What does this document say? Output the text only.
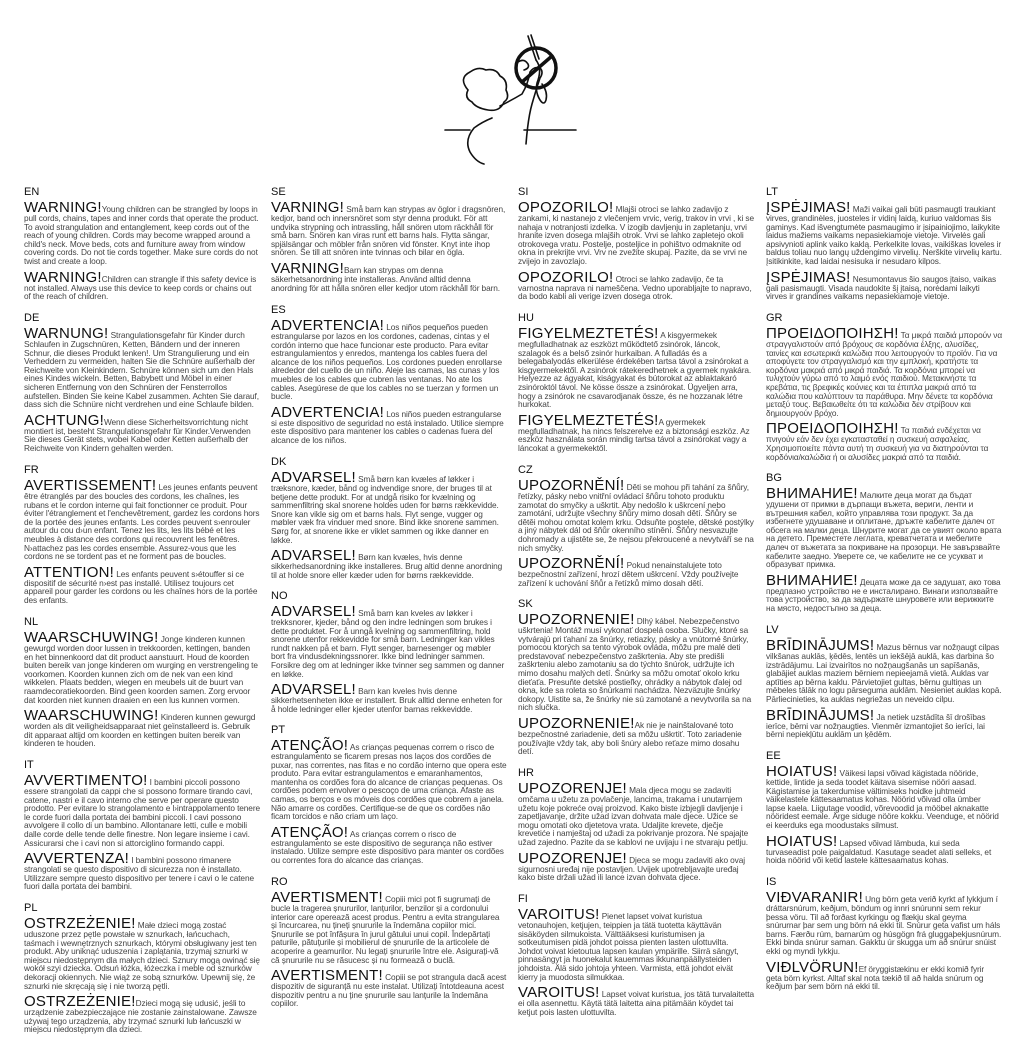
EN

WARNING!Young children can be strangled by loops in pull cords, chains, tapes and inner cords that operate the product. To avoid strangulation and entanglement, keep cords out of the reach of young children. Cords may become wrapped around a child's neck. Move beds, cots and furniture away from window covering cords. Do not tie cords together. Make sure cords do not twist and create a loop.

WARNING!Children can strangle if this safety device is not installed. Always use this device to keep cords or chains out of the reach of children.

DE

WARNUNG! Strangulationsgefahr für Kinder durch Schlaufen in Zugschnüren, Ketten, Bändern und der inneren Schnur, die dieses Produkt lenken!. Um Strangulierung und ein Verheddern zu vermeiden, halten Sie die Schnüre außerhalb der Reichweite von Kleinkindern. Schnüre können sich um den Hals eines Kindes wickeln. Betten, Babybett und Möbel in einer sicheren Entfernung von den Schnüren der Fensterrollos aufstellen. Binden Sie keine Kabel zusammen. Achten Sie darauf, dass sich die Schnüre nicht verdrehen und eine Schlaufe bilden.

ACHTUNG!Wenn diese Sicherheitsvorrichtung nicht montiert ist, besteht Strangulationsgefahr für Kinder.Verwenden Sie dieses Gerät stets, wobei Kabel oder Ketten außerhalb der Reichweite von Kindern gehalten werden.

FR

AVERTISSEMENT! Les jeunes enfants peuvent être étranglés par des boucles des cordons, les chaînes, les rubans et le cordon interne qui fait fonctionner ce produit. Pour éviter l'étranglement et l'enchevêtrement, gardez les cordons hors de la portée des jeunes enfants. Les cordes peuvent s›enrouler autour du cou d›un enfant. Tenez les lits, les lits bébé et les meubles à distance des cordons qui recouvrent les fenêtres. N›attachez pas les cordes ensemble. Assurez-vous que les cordons ne se tordent pas et ne forment pas de boucles.

ATTENTION! Les enfants peuvent s›étouffer si ce dispositif de sécurité n›est pas installé. Utilisez toujours cet appareil pour garder les cordons ou les chaînes hors de la portée des enfants.

NL

WAARSCHUWING! Jonge kinderen kunnen gewurgd worden door lussen in trekkoorden, kettingen, banden en het binnenkoord dat dit product aanstuurt. Houd de koorden buiten bereik van jonge kinderen om wurging en verstrengeling te voorkomen. Koorden kunnen zich om de nek van een kind wikkelen. Plaats bedden, wiegen en meubels uit de buurt van raamdecoratiekoorden. Bind geen koorden samen. Zorg ervoor dat koorden niet kunnen draaien en een lus kunnen vormen.

WAARSCHUWING! Kinderen kunnen gewurgd worden als dit veiligheidsapparaat niet geïnstalleerd is. Gebruik dit apparaat altijd om koorden en kettingen buiten bereik van kinderen te houden.

IT

AVVERTIMENTO! I bambini piccoli possono essere strangolati da cappi che si possono formare tirando cavi, catene, nastri e il cavo interno che serve per operare questo prodotto. Per evitare lo strangolamento e l›intrappolamento tenere le corde fuori dalla portata dei bambini piccoli. I cavi possono avvolgere il collo di un bambino. Allontanare letti, culle e mobili dalle corde delle tende delle finestre. Non legare insieme i cavi. Assicurarsi che i cavi non si attorciglino formando cappi.

AVVERTENZA! I bambini possono rimanere strangolati se questo dispositivo di sicurezza non è installato. Utilizzare sempre questo dispositivo per tenere i cavi o le catene fuori dalla portata dei bambini.

PL

OSTRZEŻENIE! Małe dzieci mogą zostać uduszone przez pętle powstałe w sznurkach, łańcuchach, taśmach i wewnętrznych sznurkach, którymi obsługiwany jest ten produkt. Aby uniknąć uduszenia i zaplątania, trzymaj sznurki w miejscu niedostępnym dla małych dzieci. Sznury mogą owinąć się wokół szyi dziecka. Odsuń łóżka, łóżeczka i meble od sznurków dekoracji okiennych. Nie wiąż ze sobą sznurków. Upewnij się, że sznurki nie skręcają się i nie tworzą pętli.

OSTRZEŻENIE!Dzieci mogą się udusić, jeśli to urządzenie zabezpieczające nie zostanie zainstalowane. Zawsze używaj tego urządzenia, aby trzymać sznurki lub łańcuszki w miejscu niedostępnym dla dzieci.

SE

VARNING! Små barn kan strypas av öglor i dragsnören, kedjor, band och innersnöret som styr denna produkt. För att undvika strypning och intrassling, håll snören utom räckhåll för små barn. Snören kan viras runt ett barns hals. Flytta sängar, spjälsängar och möbler från snören vid fönster. Knyt inte ihop snören. Se till att snören inte tvinnas och bilar en ögla.

VARNING!Barn kan strypas om denna säkerhetsanordning inte installeras. Använd alltid denna anordning för att hålla snören eller kedjor utom räckhåll för barn.

ES

ADVERTENCIA! Los niños pequeños pueden estrangularse por lazos en los cordones, cadenas, cintas y el cordón interno que hace funcionar este producto. Para evitar estrangulamientos y enredos, mantenga los cables fuera del alcance de los niños pequeños. Los cordones pueden enrollarse alrededor del cuello de un niño. Aleje las camas, las cunas y los muebles de los cables que cubren las ventanas. No ate los cables. Asegúrese de que los cables no se tuerzan y formen un bucle.

ADVERTENCIA! Los niños pueden estrangularse si este dispositivo de seguridad no está instalado. Utilice siempre este dispositivo para mantener los cables o cadenas fuera del alcance de los niños.

DK

ADVARSEL! Små børn kan kvæles af løkker i træksnore, kæder, bånd og indvendige snore, der bruges til at betjene dette produkt. For at undgå risiko for kvælning og sammenfiltring skal snorene holdes uden for børns rækkevidde. Snore kan vikle sig om et barns hals. Flyt senge, vugger og møbler væk fra vinduer med snore. Bind ikke snorene sammen. Sørg for, at snorene ikke er viklet sammen og ikke danner en løkke.

ADVARSEL! Børn kan kvæles, hvis denne sikkerhedsanordning ikke installeres. Brug altid denne anordning til at holde snore eller kæder uden for børns rækkevidde.

NO

ADVARSEL! Små barn kan kveles av løkker i trekksnorer, kjeder, bånd og den indre ledningen som brukes i dette produktet. For å unngå kvelning og sammenfiltring, hold snorene utenfor rekkevidde for små barn. Ledninger kan vikles rundt nakken på et barn. Flytt senger, barnesenger og møbler bort fra vindusdekningssnorer. Ikke bind ledninger sammen. Forsikre deg om at ledninger ikke tvinner seg sammen og danner en løkke.

ADVARSEL! Barn kan kveles hvis denne sikkerhetsenheten ikke er installert. Bruk alltid denne enheten for å holde ledninger eller kjeder utenfor barnas rekkevidde.

PT

ATENÇÃO! As crianças pequenas correm o risco de estrangulamento se ficarem presas nos laços dos cordões de puxar, nas correntes, nas fitas e no cordão interno que opera este produto. Para evitar estrangulamentos e emaranhamentos, mantenha os cordões fora do alcance de crianças pequenas. Os cordões podem envolver o pescoço de uma criança. Afaste as camas, os berços e os móveis dos cordões que cobrem a janela. Não amarre os cordões. Certifique-se de que os cordões não ficam torcidos e não criam um laço.

ATENÇÃO! As crianças correm o risco de estrangulamento se este dispositivo de segurança não estiver instalado. Utilize sempre este dispositivo para manter os cordões ou correntes fora do alcance das crianças.

RO

AVERTISMENT! Copiii mici pot fi sugrumați de bucle la tragerea șnururilor, lanțurilor, benzilor și a cordonului interior care operează acest produs. Pentru a evita strangularea și încurcarea, nu țineți șnururile la îndemâna copiilor mici. Șnururile se pot înfășura în jurul gâtului unui copil. Îndepărtați paturile, pătuțurile și mobilierul de șnururile de la articolele de acoperire a geamurilor. Nu legați șnururile între ele. Asigurați-vă că șnururile nu se răsucesc și nu formează o buclă.

AVERTISMENT! Copiii se pot strangula dacă acest dispozitiv de siguranță nu este instalat. Utilizați întotdeauna acest dispozitiv pentru a nu ține șnururile sau lanțurile la îndemâna copiilor.

SI

OPOZORILO! Mlajši otroci se lahko zadavijo z zankami, ki nastanejo z vlečenjem vrvic, verig, trakov in vrvi , ki se nahaja v notranjosti izdelka. V izogib davljenju in zapletanju, vrvi hranite izven dosega mlajših otrok. Vrvi se lahko zapletejo okoli otrokovega vratu. Postelje, posteljice in pohištvo odmaknite od okna in prekrijte vrvi. Vrv ne zvežite skupaj. Pazite, da se vrvi ne zvijejo in zavozlajo.

OPOZORILO! Otroci se lahko zadavijo, če ta varnostna naprava ni nameščena. Vedno uporabljajte to napravo, da bodo kabli ali verige izven dosega otrok.

HU

FIGYELMEZTETÉS! A kisgyermekek megfulladhatnak az eszközt működtető zsinórok, láncok, szalagok és a belső zsinór hurkaiban. A fulladás és a belegabalyodás elkerülése érdekében tartsa távol a zsinórokat a kisgyermekektől. A zsinórok rátekeredhetnek a gyermek nyakára. Helyezze az ágyakat, kiságyakat és bútorokat az ablaktakaró zsinóroktól távol. Ne kösse össze a zsinórokat. Ügyeljen arra, hogy a zsinórok ne csavarodjanak össze, és ne hozzanak létre hurkokat.

FIGYELMEZTETÉS!A gyermekek megfulladhatnak, ha nincs felszerelve ez a biztonsági eszköz. Az eszköz használata során mindig tartsa távol a zsinórokat vagy a láncokat a gyermekektől.

CZ

UPOZORNĚNÍ! Děti se mohou při tahání za šňůry, řetízky, pásky nebo vnitřní ovládací šňůru tohoto produktu zamotat do smyčky a uškrtit. Aby nedošlo k uškrcení nebo zamotání, udržujte všechny šňůry mimo dosah dětí. Šňůry se dětěi mohou omotat kolem krku. Odsuňte postele, dětské postýlky a jiný nábytek dál od šňůr okenního stínění. Šňůry nesvazujte dohromady a ujistěte se, že nejsou překroucené a nevytváří se na nich smyčky.

UPOZORNĚNÍ! Pokud nenainstalujete toto bezpečnostní zařízení, hrozí dětem uškrcení. Vždy používejte zařízení k uchování šňůr a řetízků mimo dosah dětí.

SK

UPOZORNENIE! Dlhý kábel. Nebezpečenstvo uškrtenia! Montáž musí vykonať dospelá osoba. Slučky, ktoré sa vytvárajú pri ťahaní za šnúrky, retiazky, pásky a vnútorné šnúrky, pomocou ktorých sa tento výrobok ovláda, môžu pre malé deti predstavovať nebezpečenstvo zaškrtenia. Aby ste predišli zaškrteniu alebo zamotaniu sa do týchto šnúrok, udržujte ich mimo dosahu malých detí. Šnúrky sa môžu omotať okolo krku dieťaťa. Presuňte detské postieľky, ohrádky a nábytok ďalej od okna, kde sa roleta so šnúrkami nachádza. Nezväzujte šnúrky dokopy. Uistite sa, že šnúrky nie sú zamotané a nevytvorila sa na nich slučka.

UPOZORNENIE!Ak nie je nainštalované toto bezpečnostné zariadenie, deti sa môžu uškrtiť. Toto zariadenie používajte vždy tak, aby boli šnúry alebo reťaze mimo dosahu detí.

HR

UPOZORENJE! Mala djeca mogu se zadaviti omčama u užetu za povlačenje, lancima, trakama i unutarnjem užetu koje pokreće ovaj proizvod. Kako biste izbjegli davljenje i zapetljavanje, držite užad izvan dohvata male djece. Užice se mogu omotati oko djetetova vrata. Udaljite krevete, dječje krevetiće i namještaj od užadi za pokrivanje prozora. Ne spajajte užad zajedno. Pazite da se kablovi ne uvijaju i ne stvaraju petlju.

UPOZORENJE! Djeca se mogu zadaviti ako ovaj sigurnosni uređaj nije postavljen. Uvijek upotrebljavajte uređaj kako biste držali užad ili lance izvan dohvata djece.

FI

VAROITUS! Pienet lapset voivat kuristua vetonauhojen, ketjujen, teippien ja tätä tuotetta käyttävän sisäköyden silmukoista. Välttääksesi kuristumisen ja sotkeutumisen pidä johdot poissa pienten lasten ulottuvilta. Johdot voivat kietoutua lapsen kaulan ympärille. Siirrä sängyt, pinnasängyt ja huonekalut kauemmas ikkunanpäällysteiden johdoista. Älä sido johtoja yhteen. Varmista, että johdot eivät kierry ja muodosta silmukkaa.

VAROITUS! Lapset voivat kuristua, jos tätä turvalaitetta ei olla asennettu. Käytä tätä laitetta aina pitämään köydet tai ketjut pois lasten ulottuvilta.

LT

ĮSPĖJIMAS! Maži vaikai gali būti pasmaugti traukiant virves, grandinėles, juosteles ir vidinį laidą, kuriuo valdomas šis gaminys. Kad išvengtumėte pasmaugimo ir įsipainiojimo, laikykite laidus mažiems vaikams nepasiekiamoje vietoje. Virvelės gali apsivynioti aplink vaiko kaklą. Perkelkite lovas, vaikiškas loveles ir baldus toliau nuo langų uždengimo virvelių. Nerškite virvelių kartu. Įsitikinkite, kad laidai nesisuka ir nesudaro kilpos.

ĮSPĖJIMAS! Nesumontavus šio saugos įtaiso, vaikas gali pasismaugti. Visada naudokite šį įtaisą, norėdami laikyti virves ir grandines vaikams nepasiekiamoje vietoje.

GR

ΠΡΟΕΙΔΟΠΟΙΗΣΗ! Τα μικρά παιδιά μπορούν να στραγγαλιστούν από βρόχους σε κορδόνια έλξης, αλυσίδες, ταινίες και εσωτερικά καλώδια που λειτουργούν το προϊόν. Για να αποφύγετε τον στραγγαλισμό και την εμπλοκή, κρατήστε τα κορδόνια μακριά από μικρά παιδιά. Τα κορδόνια μπορεί να τυλιχτούν γύρω από το λαιμό ενός παιδιού. Μετακινήστε τα κρεβάτια, τις βρεφικές κούνιες και τα έπιπλα μακριά από τα καλώδια που καλύπτουν τα παράθυρα. Μην δένετε τα κορδόνια μεταξύ τους. Βεβαιωθείτε ότι τα καλώδια δεν στρίβουν και δημιουργούν βρόχο.

ΠΡΟΕΙΔΟΠΟΙΗΣΗ! Τα παιδιά ενδέχεται να πνιγούν εάν δεν έχει εγκατασταθεί η συσκευή ασφαλείας. Χρησιμοποιείτε πάντα αυτή τη συσκευή για να διατηρούνται τα κορδόνια/καλώδια ή οι αλυσίδες μακριά από τα παιδιά.

BG

ВНИМАНИЕ! Малките деца могат да бъдат удушени от примки в дърпащи въжета, вериги, ленти и вътрешния кабел, който управлява този продукт. За да избегнете удушаване и оплитане, дръжте кабелите далеч от обсега на малки деца. Шнурите могат да се увият около врата на детето. Преместете леглата, креватчетата и мебелите далеч от въжетата за покриване на прозорци. Не завързвайте кабелите заедно. Уверете се, че кабелите не се усукват и образуват примка.

ВНИМАНИЕ! Децата може да се задушат, ако това предпазно устройство не е инсталирано. Винаги използвайте това устройство, за да задържате шнуровете или верижките на място, недостъпно за деца.

LV

BRĪDINĀJUMS! Mazus bērnus var nožņaugt cilpas vilkšanas auklās, ķēdēs, lentēs un iekšējā auklā, kas darbina šo izstrādājumu. Lai izvairītos no nožņaugšanās un sapīšanās, glabājiet auklas maziem bērniem nepieejamā vietā. Auklas var aptīties ap bērna kaklu. Pārvietojiet gultas, bērnu gultiņas un mēbeles tālāk no logu pārseguma auklām. Nesieniet auklas kopā. Pārliecinieties, ka auklas negriežas un neveido cilpu.

BRĪDINĀJUMS! Ja netiek uzstādīta šī drošības ierīce, bērni var nožņaugties. Vienmēr izmantojiet šo ierīci, lai bērni nepiekļūtu auklām un ķēdēm.

EE

HOIATUS! Väikesi lapsi võivad kägistada nööride, kettide, lintide ja seda toodet käitava sisemise nööri aasad. Kägistamise ja takerdumise vältimiseks hoidke juhtmeid väikelastele kättesaamatus kohas. Nöörid võivad olla ümber lapse kaela. Liigutage voodid, võrevoodid ja mööbel aknakatte nööridest eemale. Ärge siduge nööre kokku. Veenduge, et nöörid ei keerduks ega moodustaks silmust.

HOIATUS! Lapsed võivad lämbuda, kui seda turvaseadist pole paigaldatud. Kasutage seadet alati selleks, et hoida nöörid või ketid lastele kättesaamatus kohas.

IS

VIÐVARANIR! Ung börn geta verið kyrkt af lykkjum í dráttarsnúrum, keðjum, böndum og innri snúrunni sem rekur þessa vöru. Til að forðast kyrkingu og flækju skal geyma snúrurnar þar sem ung börn ná ekki til. Snúrur geta vafist um háls barns. Færðu rúm, barnarúm og húsgögn frá gluggaþekjusnúrum. Ekki binda snúrur saman. Gakktu úr skugga um að snúrur snúist ekki og myndi lykkju.

VIÐLVÖRUN!Ef öryggistækinu er ekki komið fyrir geta börn kyrkst. Alltaf skal nota tækið til að halda snúrum og keðjum þar sem börn ná ekki til.
